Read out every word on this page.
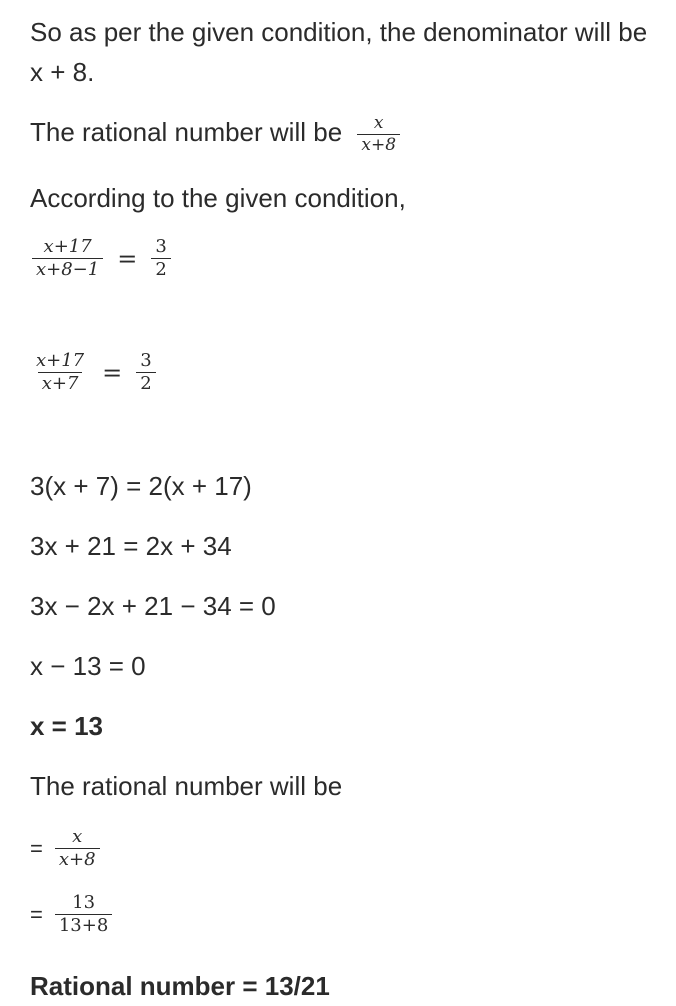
So as per the given condition, the denominator will be x + 8.
The rational number will be $\frac{x}{x+8}$
According to the given condition,
$\frac{x+17}{x+8-1} = \frac{3}{2}$
$\frac{x+17}{x+7} = \frac{3}{2}$
3(x + 7) = 2(x + 17)
3x + 21 = 2x + 34
3x − 2x + 21 − 34 = 0
x − 13 = 0
x = 13
The rational number will be
= $\frac{x}{x+8}$
= $\frac{13}{13+8}$
Rational number = 13/21
